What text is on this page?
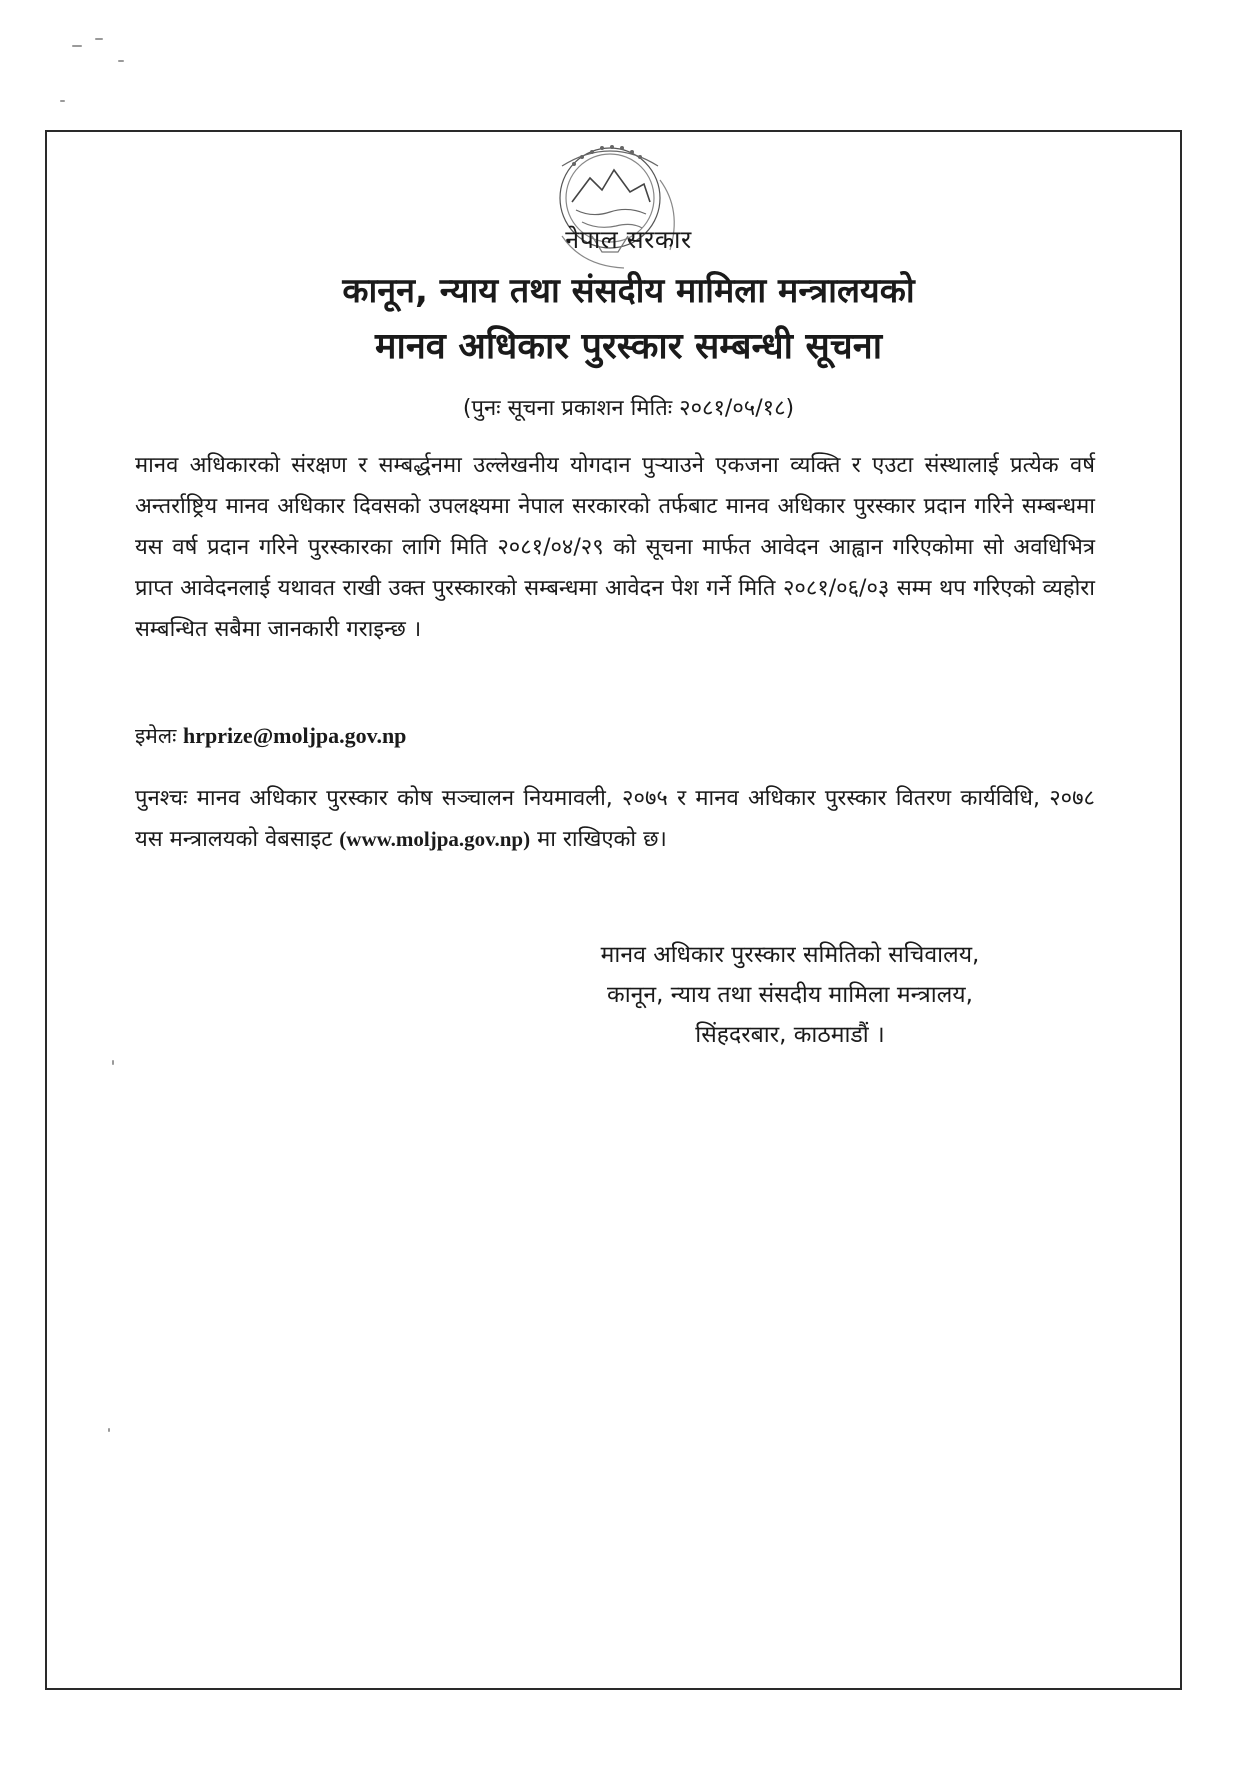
नेपाल सरकार
कानून, न्याय तथा संसदीय मामिला मन्त्रालयको
मानव अधिकार पुरस्कार सम्बन्धी सूचना
(पुनः सूचना प्रकाशन मितिः २०८१/०५/१८)

मानव अधिकारको संरक्षण र सम्बर्द्धनमा उल्लेखनीय योगदान पुऱ्याउने एकजना व्यक्ति र एउटा संस्थालाई प्रत्येक वर्ष अन्तर्राष्ट्रिय मानव अधिकार दिवसको उपलक्ष्यमा नेपाल सरकारको तर्फबाट मानव अधिकार पुरस्कार प्रदान गरिने सम्बन्धमा यस वर्ष प्रदान गरिने पुरस्कारका लागि मिति २०८१/०४/२९ को सूचना मार्फत आवेदन आह्वान गरिएकोमा सो अवधिभित्र प्राप्त आवेदनलाई यथावत राखी उक्त पुरस्कारको सम्बन्धमा आवेदन पेश गर्ने मिति २०८१/०६/०३ सम्म थप गरिएको व्यहोरा सम्बन्धित सबैमा जानकारी गराइन्छ ।

इमेलः hrprize@moljpa.gov.np

पुनश्चः मानव अधिकार पुरस्कार कोष सञ्चालन नियमावली, २०७५ र मानव अधिकार पुरस्कार वितरण कार्यविधि, २०७८ यस मन्त्रालयको वेबसाइट (www.moljpa.gov.np) मा राखिएको छ।

मानव अधिकार पुरस्कार समितिको सचिवालय,
कानून, न्याय तथा संसदीय मामिला मन्त्रालय,
सिंहदरबार, काठमाडौं ।
